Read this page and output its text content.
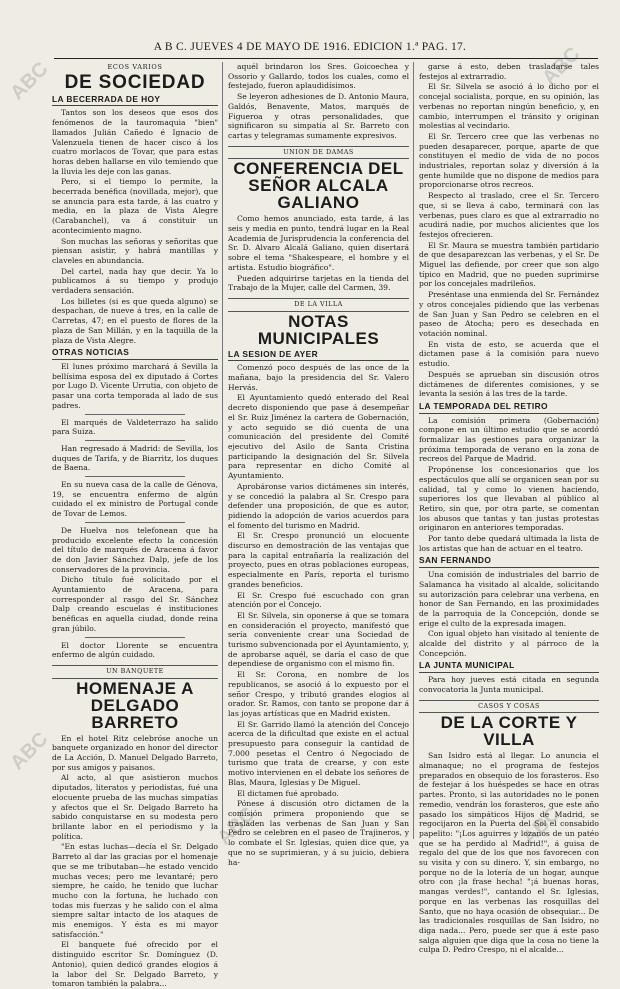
A B C. JUEVES 4 DE MAYO DE 1916. EDICION 1.ª PAG. 17.
ECOS VARIOS
DE SOCIEDAD
LA BECERRADA DE HOY

Tantos son los deseos que esos dos fenómenos de la tauromaquia "bien" llamados Julián Cañedo é Ignacio de Valenzuela tienen de hacer cisco á los cuatro morlacos de Tovar, que para estas horas deben hallarse en vilo temiendo que la lluvia les deje con las ganas.

Pero, si el tiempo lo permite, la becerrada benéfica (novillada, mejor), que se anuncia para esta tarde, á las cuatro y media, en la plaza de Vista Alegre (Carabanchel), va á constituir un acontecimiento magno.

Son muchas las señoras y señoritas que piensan asistir, y habrá mantillas y claveles en abundancia.

Del cartel, nada hay que decir. Ya lo publicamos á su tiempo y produjo verdadera sensación.

Los billetes (si es que queda alguno) se despachan, de nueve á tres, en la calle de Carretas, 47; en el puesto de flores de la plaza de San Millán, y en la taquilla de la plaza de Vista Alegre.

OTRAS NOTICIAS

El lunes próximo marchará á Sevilla la bellísima esposa del ex diputado á Cortes por Lugo D. Vicente Urrutia, con objeto de pasar una corta temporada al lado de sus padres.

El marqués de Valdeterrazo ha salido para Suiza.

Han regresado á Madrid: de Sevilla, los duques de Tarifa, y de Biarritz, los duques de Baena.

En su nueva casa de la calle de Génova, 19, se encuentra enfermo de algún cuidado el ex ministro de Portugal conde de Tovar de Lemos.

De Huelva nos telefonean que ha producido excelente efecto la concesión del título de marqués de Aracena á favor de don Javier Sánchez Dalp, jefe de los conservadores de la provincia.

Dicho título fué solicitado por el Ayuntamiento de Aracena, para corresponder al rasgo del Sr. Sánchez Dalp creando escuelas é instituciones benéficas en aquella ciudad, donde reina gran júbilo.

El doctor Llorente se encuentra enfermo de algún cuidado.

UN BANQUETE
HOMENAJE A DELGADO BARRETO

En el hotel Ritz celebróse anoche un banquete organizado en honor del director de La Acción, D. Manuel Delgado Barreto, por sus amigos y paisanos.

Al acto, al que asistieron muchos diputados, literatos y periodistas, fué una elocuente prueba de las muchas simpatías y afectos que el Sr. Delgado Barreto ha sabido conquistarse en su modesta pero brillante labor en el periodismo y la política.

"En estas luchas—decía el Sr. Delgado Barreto al dar las gracias por el homenaje que se me tributaban—he estado vencido muchas veces; pero me levantaré; pero siempre, he caído, he tenido que luchar mucho con la fortuna, he luchado con todas mis fuerzas y he salido con el alma siempre saltar intacto de los ataques de mis enemigos. Y ésta es mi mayor satisfacción."

El banquete fué ofrecido por el distinguido escritor Sr. Domínguez (D. Antonio), quien dedicó grandes elogios á la labor del Sr. Delgado Barreto, y tomaron también la palabra...

aquél brindaron los Sres. Goicoechea y Ossorio y Gallardo, todos los cuales, como el festejado, fueron aplaudidísimos.

Se leyeron adhesiones de D. Antonio Maura, Galdós, Benavente, Matos, marqués de Figueroa y otras personalidades, que significaron su simpatía al Sr. Barreto con cartas y telegramas sumamente expresivos.

UNION DE DAMAS
CONFERENCIA DEL SEÑOR ALCALA GALIANO

Como hemos anunciado, esta tarde, á las seis y media en punto, tendrá lugar en la Real Academia de Jurisprudencia la conferencia del Sr. D. Alvaro Alcalá Galiano, quien disertará sobre el tema "Shakespeare, el hombre y el artista. Estudio biográfico".

Pueden adquirirse tarjetas en la tienda del Trabajo de la Mujer, calle del Carmen, 39.

DE LA VILLA
NOTAS MUNICIPALES
LA SESION DE AYER

Comenzó poco después de las once de la mañana, bajo la presidencia del Sr. Valero Hervás.

El Ayuntamiento quedó enterado del Real decreto disponiendo que pase á desempeñar el Sr. Ruiz Jiménez la cartera de Gobernación, y acto seguido se dió cuenta de una comunicación del presidente del Comité ejecutivo del Asilo de Santa Cristina participando la designación del Sr. Silvela para representar en dicho Comité al Ayuntamiento.

Aprobáronse varios dictámenes sin interés, y se concedió la palabra al Sr. Crespo para defender una proposición, de que es autor, pidiendo la adopción de varios acuerdos para el fomento del turismo en Madrid.

El Sr. Crespo pronunció un elocuente discurso en demostración de las ventajas que para la capital entrañaría la realización del proyecto, pues en otras poblaciones europeas, especialmente en París, reporta el turismo grandes beneficios.

El Sr. Crespo fué escuchado con gran atención por el Concejo.

El Sr. Silvela, sin oponerse á que se tomara en consideración el proyecto, manifestó que sería conveniente crear una Sociedad de turismo subvencionada por el Ayuntamiento, y, de aprobarse aquél, se daría el caso de que dependiese de organismo con el mismo fin.

El Sr. Corona, en nombre de los republicanos, se asoció á lo expuesto por el señor Crespo, y tributó grandes elogios al orador. Sr. Ramos, con tanto se propone dar á las joyas artísticas que en Madrid existen.

El Sr. Garrido llamó la atención del Concejo acerca de la dificultad que existe en el actual presupuesto para conseguir la cantidad de 7.000 pesetas el Centro ó Negociado de turismo que trata de crearse, y con este motivo intervienen en el debate los señores de Blas, Maura, Iglesias y De Miguel.

El dictamen fué aprobado.

Pónese á discusión otro dictamen de la comisión primera proponiendo que se trasladen las verbenas de San Juan y San Pedro se celebren en el paseo de Trajineros, y lo combate el Sr. Iglesias, quien dice que, ya que no se suprimieran, y á su juicio, debiera ha-

garse á esto, deben trasladarse tales festejos al extrarradio.

El Sr. Silvela se asoció á lo dicho por el concejal socialista, porque, en su opinión, las verbenas no reportan ningún beneficio, y, en cambio, interrumpen el tránsito y originan molestias al vecindario.

El Sr. Tercero cree que las verbenas no pueden desaparecer, porque, aparte de que constituyen el medio de vida de no pocos industriales, reportan solaz y diversión á la gente humilde que no dispone de medios para proporcionarse otros recreos.

Respecto al traslado, cree el Sr. Tercero que, si se lleva á cabo, terminará con las verbenas, pues claro es que al extrarradio no acudirá nadie, por muchos alicientes que los festejos ofrecieren.

El Sr. Maura se muestra también partidario de que desaparezcan las verbenas, y el Sr. De Miguel las defiende, por creer que son algo típico en Madrid, que no pueden suprimirse por los concejales madrileños.

Preséntase una enmienda del Sr. Fernández y otros concejales pidiendo que las verbenas de San Juan y San Pedro se celebren en el paseo de Atocha; pero es desechada en votación nominal.

En vista de esto, se acuerda que el dictamen pase á la comisión para nuevo estudio.

Después se aprueban sin discusión otros dictámenes de diferentes comisiones, y se levanta la sesión á las tres de la tarde.

LA TEMPORADA DEL RETIRO

La comisión primera (Gobernación) compone en un último estudio que se acordó formalizar las gestiones para organizar la próxima temporada de verano en la zona de recreos del Parque de Madrid.

Propónense los concesionarios que los espectáculos que allí se organicen sean por su calidad, tal y como lo vienen haciendo, superiores los que llevaban al público al Retiro, sin que, por otra parte, se comentan los abusos que tantas y tan justas protestas originaron en anteriores temporadas.

Por tanto debe quedará ultimada la lista de los artistas que han de actuar en el teatro.

SAN FERNANDO

Una comisión de industriales del barrio de Salamanca ha visitado al alcalde, solicitando su autorización para celebrar una verbena, en honor de San Fernando, en las proximidades de la parroquia de la Concepción, donde se erige el culto de la expresada imagen.

Con igual objeto han visitado al teniente de alcalde del distrito y al párroco de la Concepción.

LA JUNTA MUNICIPAL

Para hoy jueves está citada en segunda convocatoria la Junta municipal.

CASOS Y COSAS
DE LA CORTE Y VILLA

San Isidro está al llegar. Lo anuncia el almanaque; no el programa de festejos preparados en obsequio de los forasteros. Eso de festejar á los huéspedes se hace en otras partes. Pronto, si las autoridades no le ponen remedio, vendrán los forasteros, que este año pasado los simpáticos Hijos de Madrid, se regocijaron en la Puerta del Sol el consabido papelito: "¡Los aguirres y lozanos de un patéo que se ha perdido al Madrid!", á guisa de regalo del que de los que nos favorecen con su visita y con su dinero. Y, sin embargo, no porque no de la lotería de un hogar, aunque otro con ¡la frase hecha! "¡á buenas horas, mangas verdes!", cantando el Sr. Iglesias, porque en las verbenas las rosquillas del Santo, que no haya ocasión de obsequiar... De las tradicionales rosquillas de San Isidro, no diga nada... Pero, puede ser que á este paso salga alguien que diga que la cosa no tiene la culpa D. Pedro Crespo, ni el alcalde...

ABC
ABC
ABC	ABC
ABC
